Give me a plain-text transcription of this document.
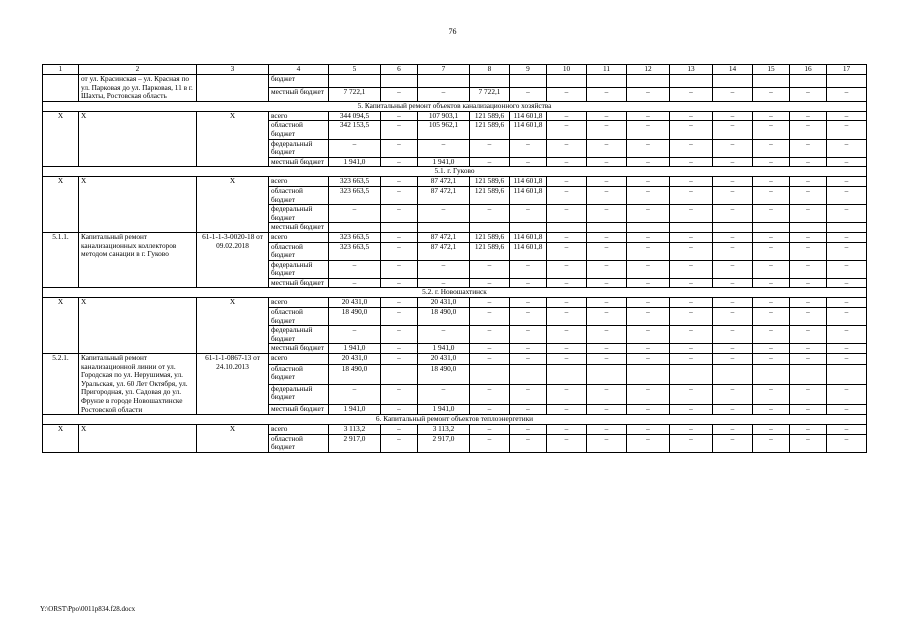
76
1	2	3	4	5	6	7	8	9	10	11	12	13	14	15	16	17
	от ул. Красинская – ул. Красная по ул. Парковая до ул. Парковая, 11 в г. Шахты, Ростовская область		бюджет													
			местный бюджет	7 722,1	–	–	7 722,1	–	–	–	–	–	–	–	–	–
5. Капитальный ремонт объектов канализационного хозяйства																
Х	Х	Х	всего	344 094,5	–	107 903,1	121 589,6	114 601,8	–	–	–	–	–	–	–	–
			областной бюджет	342 153,5	–	105 962,1	121 589,6	114 601,8	–	–	–	–	–	–	–	–
			федеральный бюджет	–	–	–	–	–	–	–	–	–	–	–	–	–
			местный бюджет	1 941,0	–	1 941,0	–	–	–	–	–	–	–	–	–	–
5.1. г. Гуково																
Х	Х	Х	всего	323 663,5	–	87 472,1	121 589,6	114 601,8	–	–	–	–	–	–	–	–
			областной бюджет	323 663,5	–	87 472,1	121 589,6	114 601,8	–	–	–	–	–	–	–	–
			федеральный бюджет	–	–	–	–	–	–	–	–	–	–	–	–	–
			местный бюджет													
5.1.1.	Капитальный ремонт канализационных коллекторов методом санации в г. Гуково	61-1-1-3-0020-18 от 09.02.2018	всего	323 663,5	–	87 472,1	121 589,6	114 601,8	–	–	–	–	–	–	–	–
			областной бюджет	323 663,5	–	87 472,1	121 589,6	114 601,8	–	–	–	–	–	–	–	–
			федеральный бюджет	–	–	–	–	–	–	–	–	–	–	–	–	–
			местный бюджет	–	–	–	–	–	–	–	–	–	–	–	–	–
5.2. г. Новошахтинск																
Х	Х	Х	всего	20 431,0	–	20 431,0	–	–	–	–	–	–	–	–	–	–
			областной бюджет	18 490,0	–	18 490,0	–	–	–	–	–	–	–	–	–	–
			федеральный бюджет	–	–	–	–	–	–	–	–	–	–	–	–	–
			местный бюджет	1 941,0	–	1 941,0	–	–	–	–	–	–	–	–	–	–
5.2.1.	Капитальный ремонт канализационной линии от ул. Городская по ул. Нерушимая, ул. Уральская, ул. 60 Лет Октября, ул. Пригородная, ул. Садовая до ул. Фрунзе в городе Новошахтинске Ростовской области	61-1-1-0867-13 от 24.10.2013	всего	20 431,0	–	20 431,0	–	–	–	–	–	–	–	–	–	–
			областной бюджет	18 490,0		18 490,0										
			федеральный бюджет	–	–	–	–	–	–	–	–	–	–	–	–	–
			местный бюджет	1 941,0	–	1 941,0	–	–	–	–	–	–	–	–	–	–
6. Капитальный ремонт объектов теплоэнергетики																
Х	Х	Х	всего	3 113,2	–	3 113,2	–	–	–	–	–	–	–	–	–	–
			областной бюджет	2 917,0	–	2 917,0	–	–	–	–	–	–	–	–	–	–
Y:\ORST\Ppo\0011p834.f28.docx
